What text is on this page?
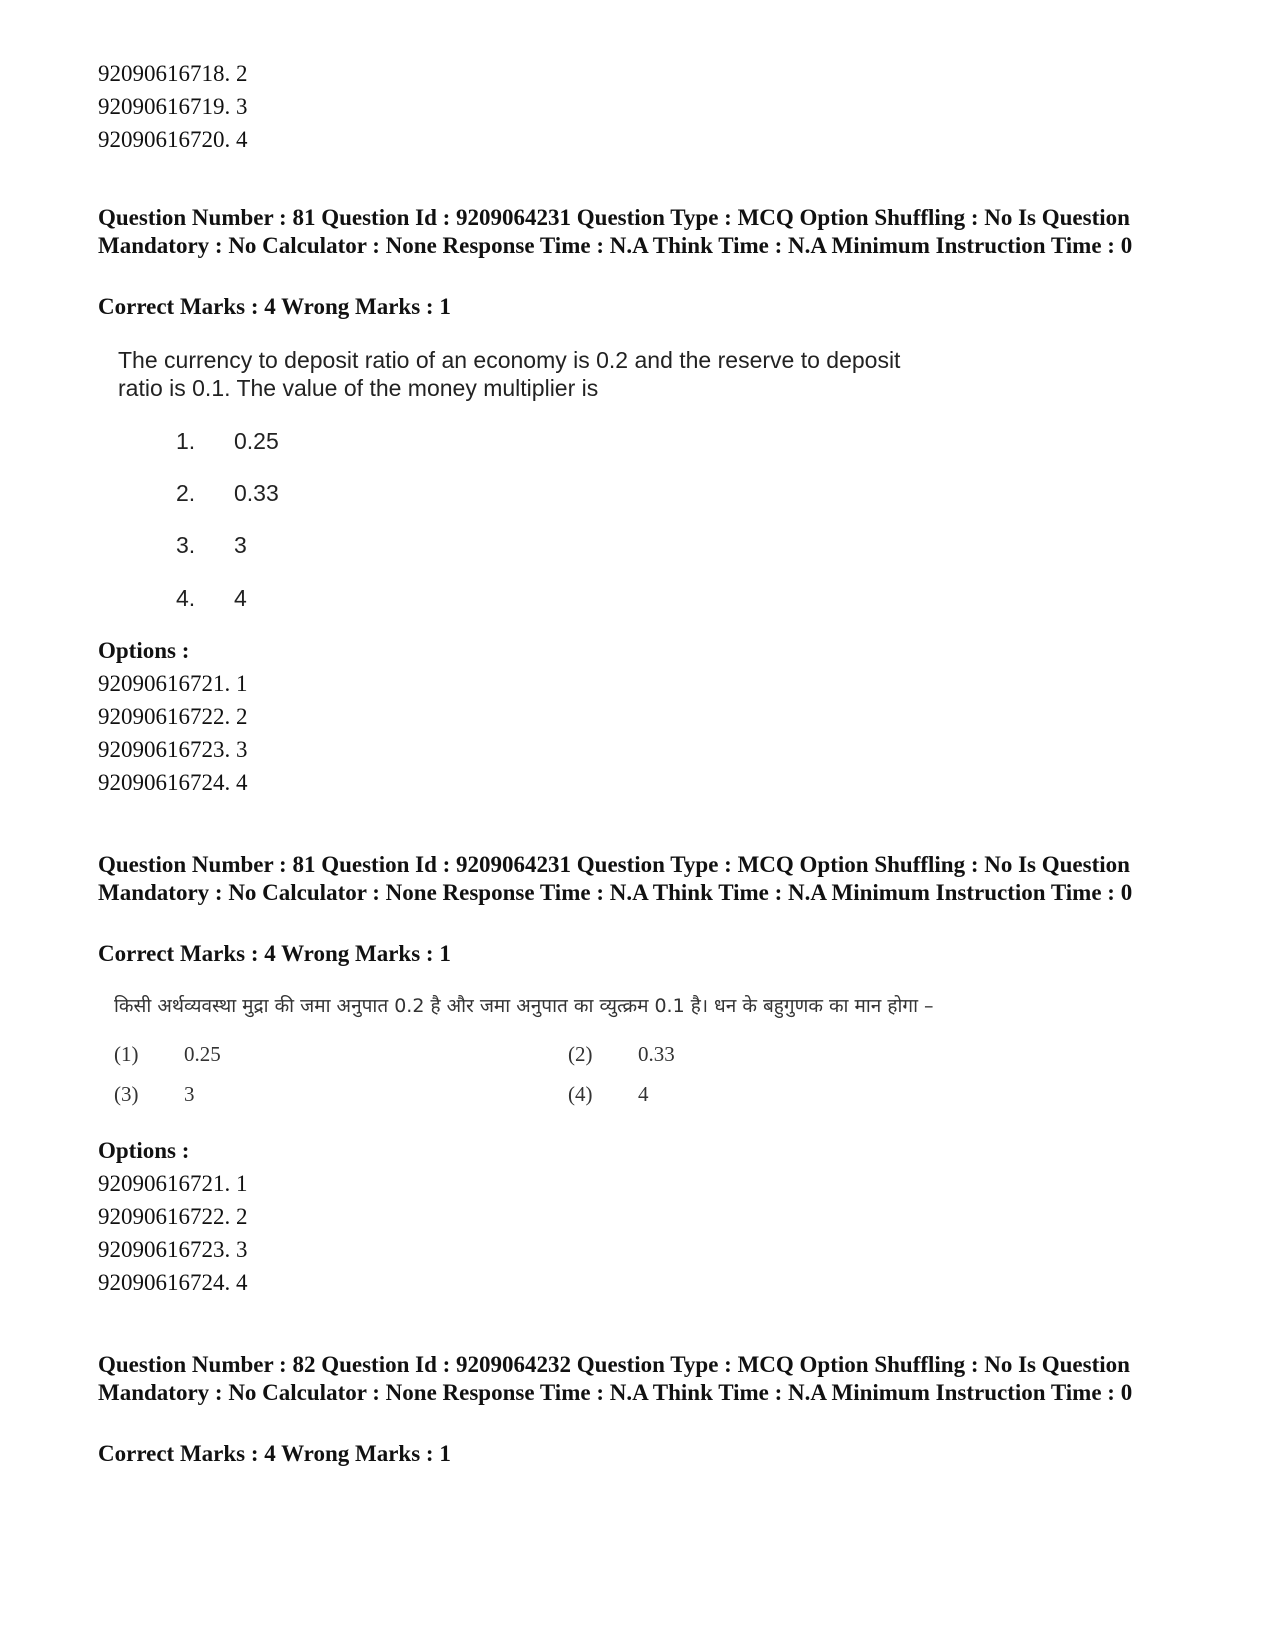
92090616718. 2
92090616719. 3
92090616720. 4
Question Number : 81 Question Id : 9209064231 Question Type : MCQ Option Shuffling : No Is Question Mandatory : No Calculator : None Response Time : N.A Think Time : N.A Minimum Instruction Time : 0
Correct Marks : 4 Wrong Marks : 1
The currency to deposit ratio of an economy is 0.2 and the reserve to deposit
ratio is 0.1. The value of the money multiplier is
1. 0.25
2. 0.33
3. 3
4. 4
Options :
92090616721. 1
92090616722. 2
92090616723. 3
92090616724. 4
Question Number : 81 Question Id : 9209064231 Question Type : MCQ Option Shuffling : No Is Question Mandatory : No Calculator : None Response Time : N.A Think Time : N.A Minimum Instruction Time : 0
Correct Marks : 4 Wrong Marks : 1
किसी अर्थव्यवस्था मुद्रा की जमा अनुपात 0.2 है और जमा अनुपात का व्युत्क्रम 0.1 है। धन के बहुगुणक का मान होगा –
(1) 0.25	(2) 0.33
(3) 3	(4) 4
Options :
92090616721. 1
92090616722. 2
92090616723. 3
92090616724. 4
Question Number : 82 Question Id : 9209064232 Question Type : MCQ Option Shuffling : No Is Question Mandatory : No Calculator : None Response Time : N.A Think Time : N.A Minimum Instruction Time : 0
Correct Marks : 4 Wrong Marks : 1
